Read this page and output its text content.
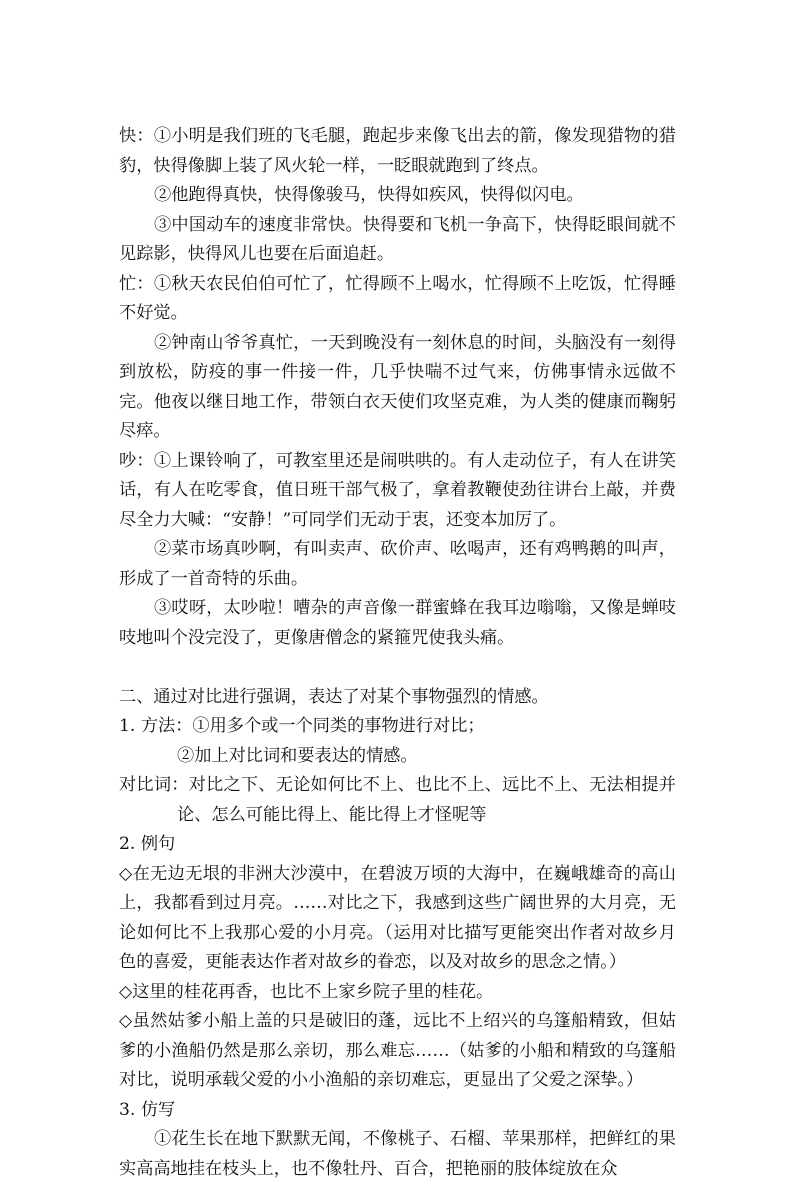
快：①小明是我们班的飞毛腿，跑起步来像飞出去的箭，像发现猎物的猎豹，快得像脚上装了风火轮一样，一眨眼就跑到了终点。

②他跑得真快，快得像骏马，快得如疾风，快得似闪电。

③中国动车的速度非常快。快得要和飞机一争高下，快得眨眼间就不见踪影，快得风儿也要在后面追赶。

忙：①秋天农民伯伯可忙了，忙得顾不上喝水，忙得顾不上吃饭，忙得睡不好觉。

②钟南山爷爷真忙，一天到晚没有一刻休息的时间，头脑没有一刻得到放松，防疫的事一件接一件，几乎快喘不过气来，仿佛事情永远做不完。他夜以继日地工作，带领白衣天使们攻坚克难，为人类的健康而鞠躬尽瘁。

吵：①上课铃响了，可教室里还是闹哄哄的。有人走动位子，有人在讲笑话，有人在吃零食，值日班干部气极了，拿着教鞭使劲往讲台上敲，并费尽全力大喊：“安静！”可同学们无动于衷，还变本加厉了。

②菜市场真吵啊，有叫卖声、砍价声、吆喝声，还有鸡鸭鹅的叫声，形成了一首奇特的乐曲。

③哎呀，太吵啦！嘈杂的声音像一群蜜蜂在我耳边嗡嗡，又像是蝉吱吱地叫个没完没了，更像唐僧念的紧箍咒使我头痛。

二、通过对比进行强调，表达了对某个事物强烈的情感。

1. 方法：①用多个或一个同类的事物进行对比；

②加上对比词和要表达的情感。

对比词：对比之下、无论如何比不上、也比不上、远比不上、无法相提并论、怎么可能比得上、能比得上才怪呢等

2. 例句

◇在无边无垠的非洲大沙漠中，在碧波万顷的大海中，在巍峨雄奇的高山上，我都看到过月亮。……对比之下，我感到这些广阔世界的大月亮，无论如何比不上我那心爱的小月亮。（运用对比描写更能突出作者对故乡月色的喜爱，更能表达作者对故乡的眷恋，以及对故乡的思念之情。）

◇这里的桂花再香，也比不上家乡院子里的桂花。

◇虽然姑爹小船上盖的只是破旧的蓬，远比不上绍兴的乌篷船精致，但姑爹的小渔船仍然是那么亲切，那么难忘……（姑爹的小船和精致的乌篷船对比，说明承载父爱的小小渔船的亲切难忘，更显出了父爱之深挚。）

3. 仿写

①花生长在地下默默无闻，不像桃子、石榴、苹果那样，把鲜红的果实高高地挂在枝头上，也不像牡丹、百合，把艳丽的肢体绽放在众
